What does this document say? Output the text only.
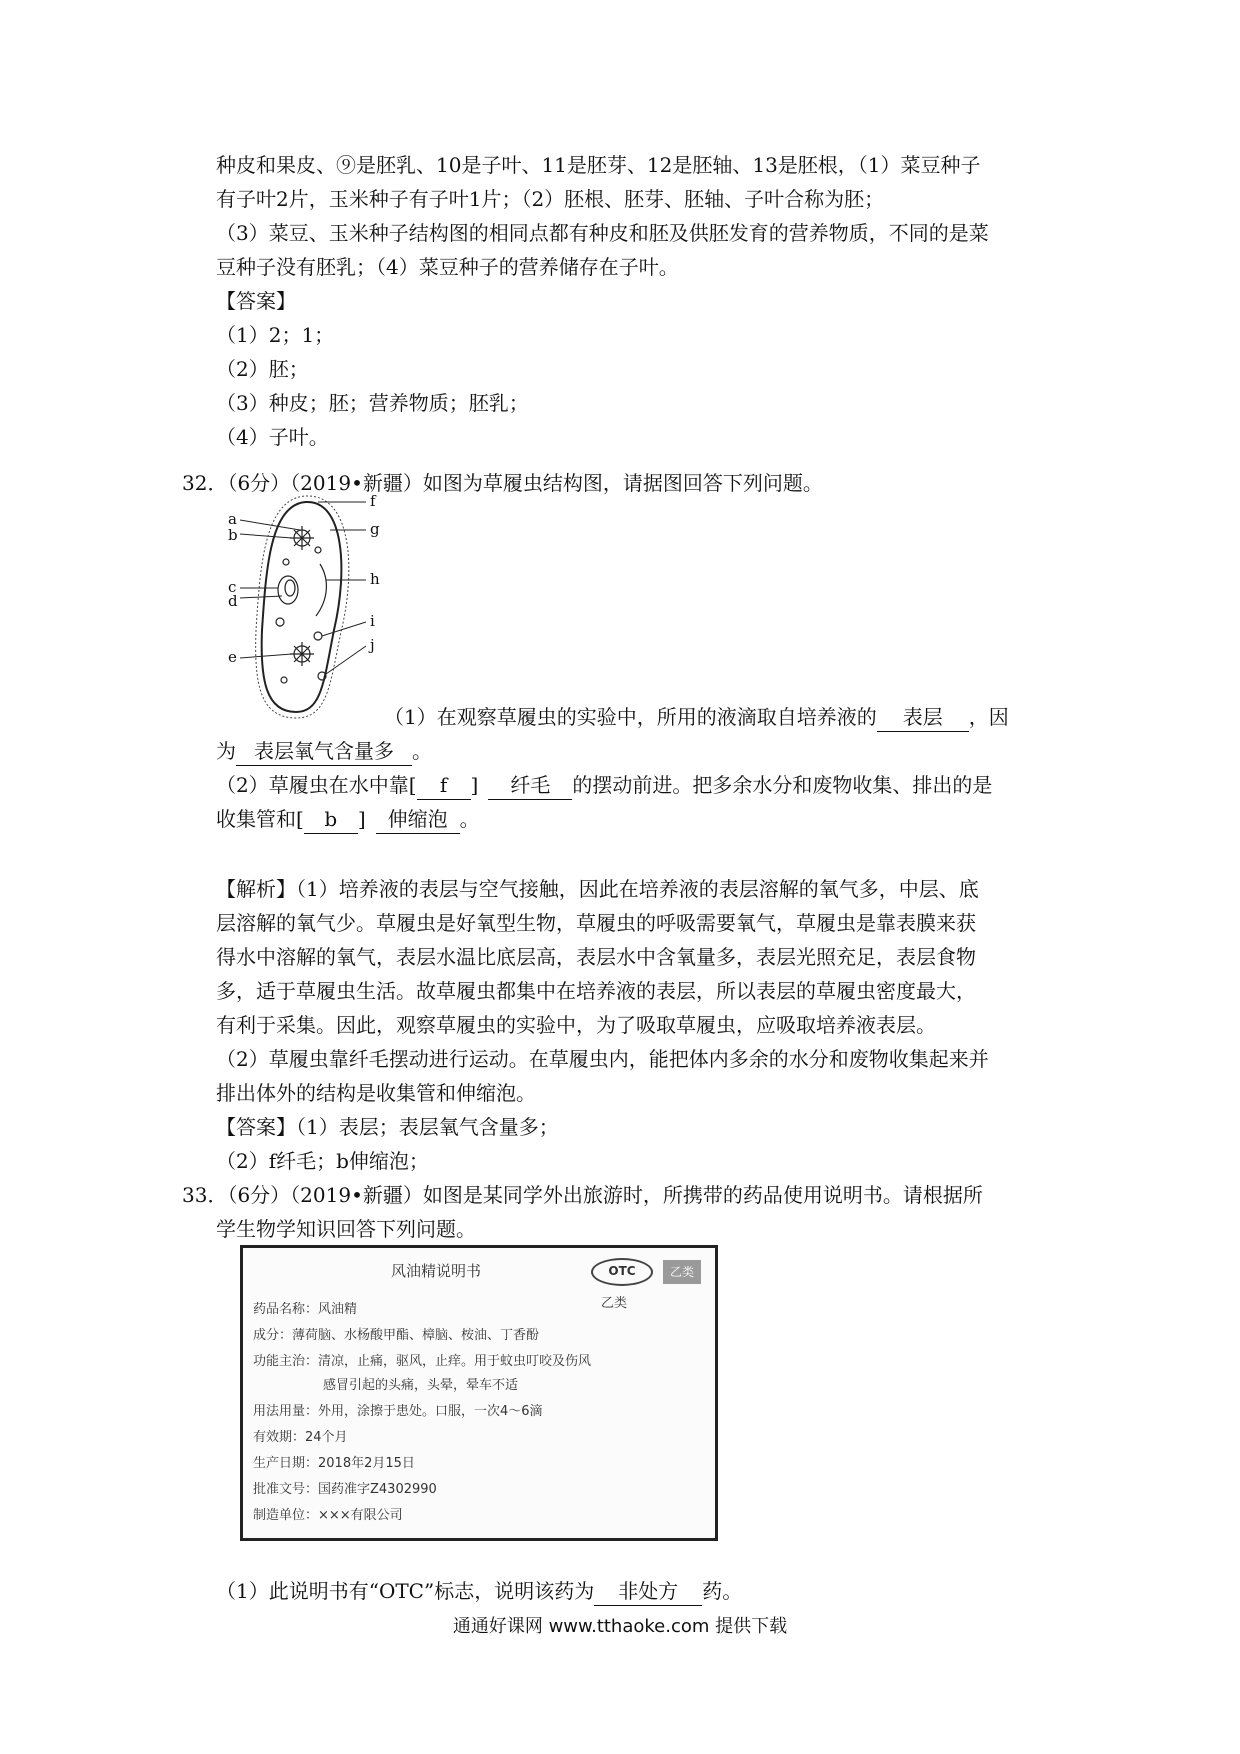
种皮和果皮、⑨是胚乳、10是子叶、11是胚芽、12是胚轴、13是胚根，（1）菜豆种子
有子叶2片，玉米种子有子叶1片；（2）胚根、胚芽、胚轴、子叶合称为胚；
（3）菜豆、玉米种子结构图的相同点都有种皮和胚及供胚发育的营养物质，不同的是菜
豆种子没有胚乳；（4）菜豆种子的营养储存在子叶。
【答案】
（1）2；1；
（2）胚；
（3）种皮；胚；营养物质；胚乳；
（4）子叶。
32．（6分）（2019•新疆）如图为草履虫结构图，请据图回答下列问题。
a
b
c
d
e
f
g
h
i
j
（1）在观察草履虫的实验中，所用的液滴取自培养液的 表层 ，因
为 表层氧气含量多 。
（2）草履虫在水中靠[ f ] 纤毛 的摆动前进。把多余水分和废物收集、排出的是
收集管和[ b ] 伸缩泡 。
【解析】（1）培养液的表层与空气接触，因此在培养液的表层溶解的氧气多，中层、底
层溶解的氧气少。草履虫是好氧型生物，草履虫的呼吸需要氧气，草履虫是靠表膜来获
得水中溶解的氧气，表层水温比底层高，表层水中含氧量多，表层光照充足，表层食物
多，适于草履虫生活。故草履虫都集中在培养液的表层，所以表层的草履虫密度最大，
有利于采集。因此，观察草履虫的实验中，为了吸取草履虫，应吸取培养液表层。
（2）草履虫靠纤毛摆动进行运动。在草履虫内，能把体内多余的水分和废物收集起来并
排出体外的结构是收集管和伸缩泡。
【答案】（1）表层；表层氧气含量多；
（2）f纤毛；b伸缩泡；
33．（6分）（2019•新疆）如图是某同学外出旅游时，所携带的药品使用说明书。请根据所
学生物学知识回答下列问题。
风油精说明书	OTC	乙类
乙类
药品名称：风油精
成分：薄荷脑、水杨酸甲酯、樟脑、桉油、丁香酚
功能主治：清凉，止痛，驱风，止痒。用于蚊虫叮咬及伤风
感冒引起的头痛，头晕，晕车不适
用法用量：外用，涂擦于患处。口服，一次4～6滴
有效期：24个月
生产日期：2018年2月15日
批准文号：国药准字Z4302990
制造单位：×××有限公司
（1）此说明书有“OTC”标志，说明该药为 非处方 药。
通通好课网 www.tthaoke.com 提供下载
